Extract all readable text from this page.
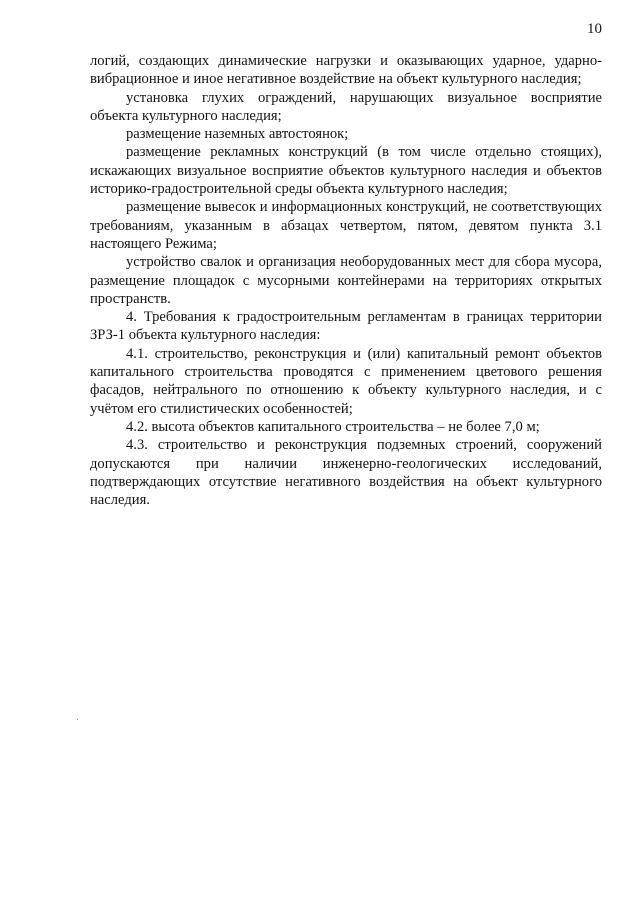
10

логий, создающих динамические нагрузки и оказывающих ударное, ударно-вибрационное и иное негативное воздействие на объект культурного наследия;

установка глухих ограждений, нарушающих визуальное восприятие объекта культурного наследия;

размещение наземных автостоянок;

размещение рекламных конструкций (в том числе отдельно стоящих), искажающих визуальное восприятие объектов культурного наследия и объектов историко-градостроительной среды объекта культурного наследия;

размещение вывесок и информационных конструкций, не соответствующих требованиям, указанным в абзацах четвертом, пятом, девятом пункта 3.1 настоящего Режима;

устройство свалок и организация необорудованных мест для сбора мусора, размещение площадок с мусорными контейнерами на территориях открытых пространств.

4. Требования к градостроительным регламентам в границах территории ЗРЗ-1 объекта культурного наследия:

4.1. строительство, реконструкция и (или) капитальный ремонт объектов капитального строительства проводятся с применением цветового решения фасадов, нейтрального по отношению к объекту культурного наследия, и с учётом его стилистических особенностей;

4.2. высота объектов капитального строительства – не более 7,0 м;

4.3. строительство и реконструкция подземных строений, сооружений допускаются при наличии инженерно-геологических исследований, подтверждающих отсутствие негативного воздействия на объект культурного наследия.
